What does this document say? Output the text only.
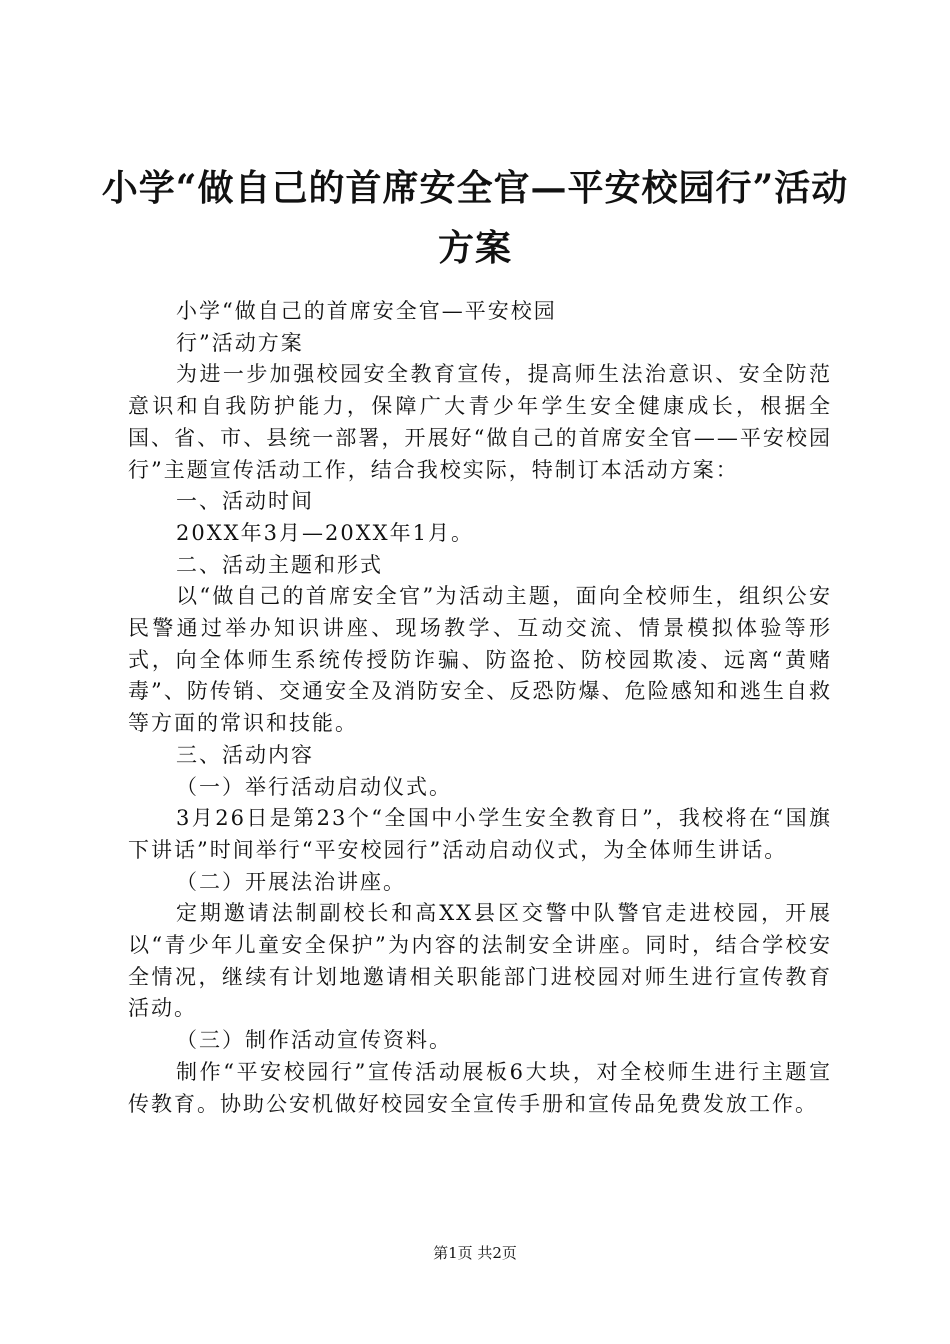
小学“做自己的首席安全官—平安校园行”活动方案

小学“做自己的首席安全官—平安校园

行”活动方案

为进一步加强校园安全教育宣传，提高师生法治意识、安全防范意识和自我防护能力，保障广大青少年学生安全健康成长，根据全国、省、市、县统一部署，开展好“做自己的首席安全官——平安校园行”主题宣传活动工作，结合我校实际，特制订本活动方案：

一、活动时间

20XX年3月—20XX年1月。

二、活动主题和形式

以“做自己的首席安全官”为活动主题，面向全校师生，组织公安民警通过举办知识讲座、现场教学、互动交流、情景模拟体验等形式，向全体师生系统传授防诈骗、防盗抢、防校园欺凌、远离“黄赌毒”、防传销、交通安全及消防安全、反恐防爆、危险感知和逃生自救等方面的常识和技能。

三、活动内容

（一）举行活动启动仪式。

3月26日是第23个“全国中小学生安全教育日”，我校将在“国旗下讲话”时间举行“平安校园行”活动启动仪式，为全体师生讲话。

（二）开展法治讲座。

定期邀请法制副校长和高XX县区交警中队警官走进校园，开展以“青少年儿童安全保护”为内容的法制安全讲座。同时，结合学校安全情况，继续有计划地邀请相关职能部门进校园对师生进行宣传教育活动。

（三）制作活动宣传资料。

制作“平安校园行”宣传活动展板6大块，对全校师生进行主题宣传教育。协助公安机做好校园安全宣传手册和宣传品免费发放工作。

第1页 共2页
